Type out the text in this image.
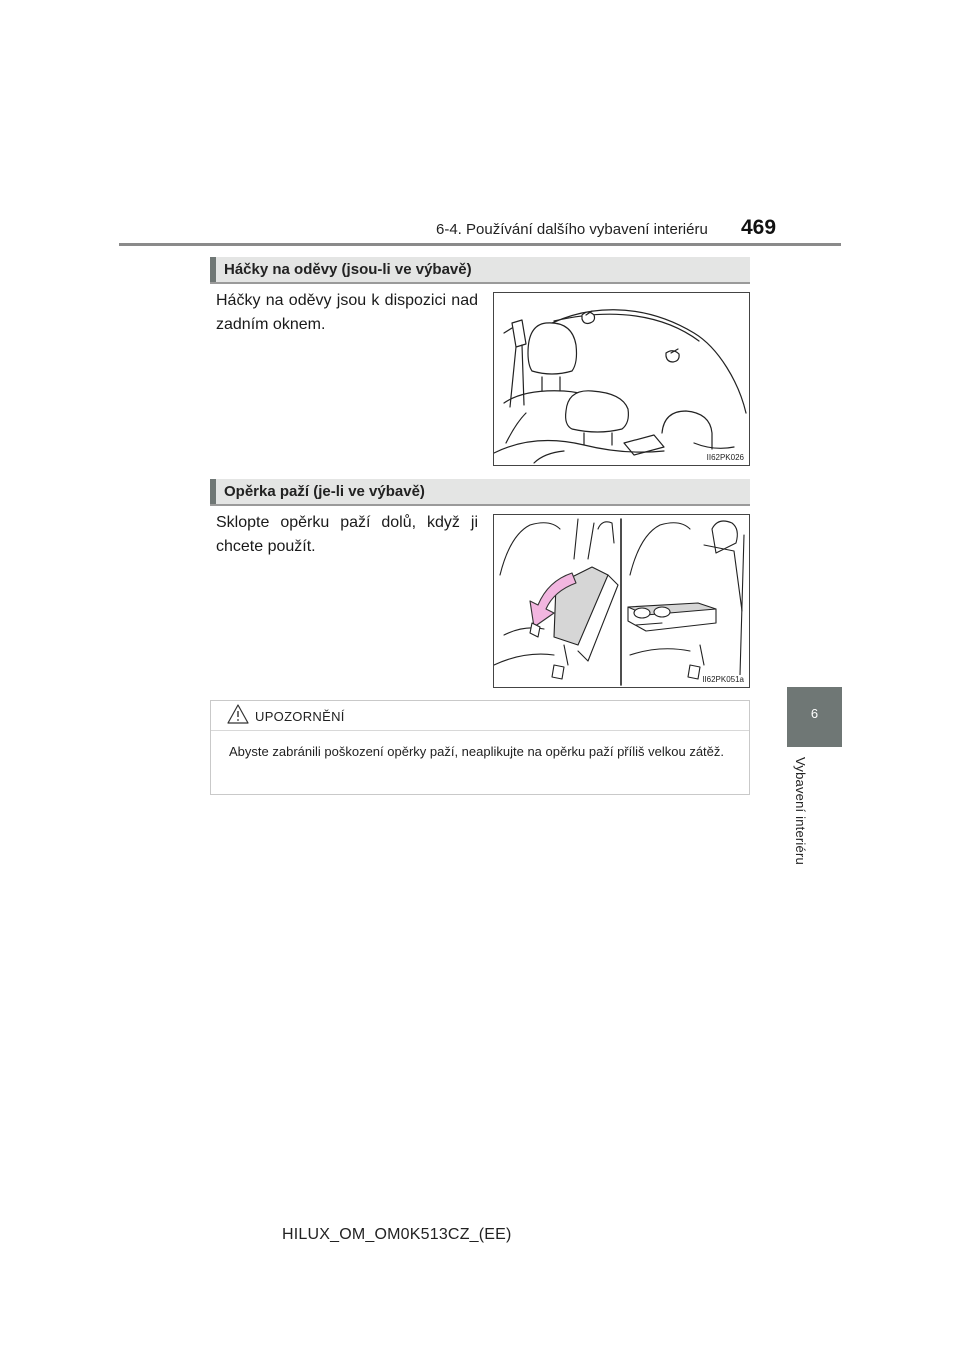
6-4. Používání dalšího vybavení interiéru 469
6
Vybavení interiéru
Háčky na oděvy (jsou-li ve výbavě)
Háčky na oděvy jsou k dispozici nad zadním oknem.
II62PK026
Opěrka paží (je-li ve výbavě)
Sklopte opěrku paží dolů, když ji chcete použít.
II62PK051a
UPOZORNĚNÍ
Abyste zabránili poškození opěrky paží, neaplikujte na opěrku paží příliš velkou zátěž.
HILUX_OM_OM0K513CZ_(EE)
